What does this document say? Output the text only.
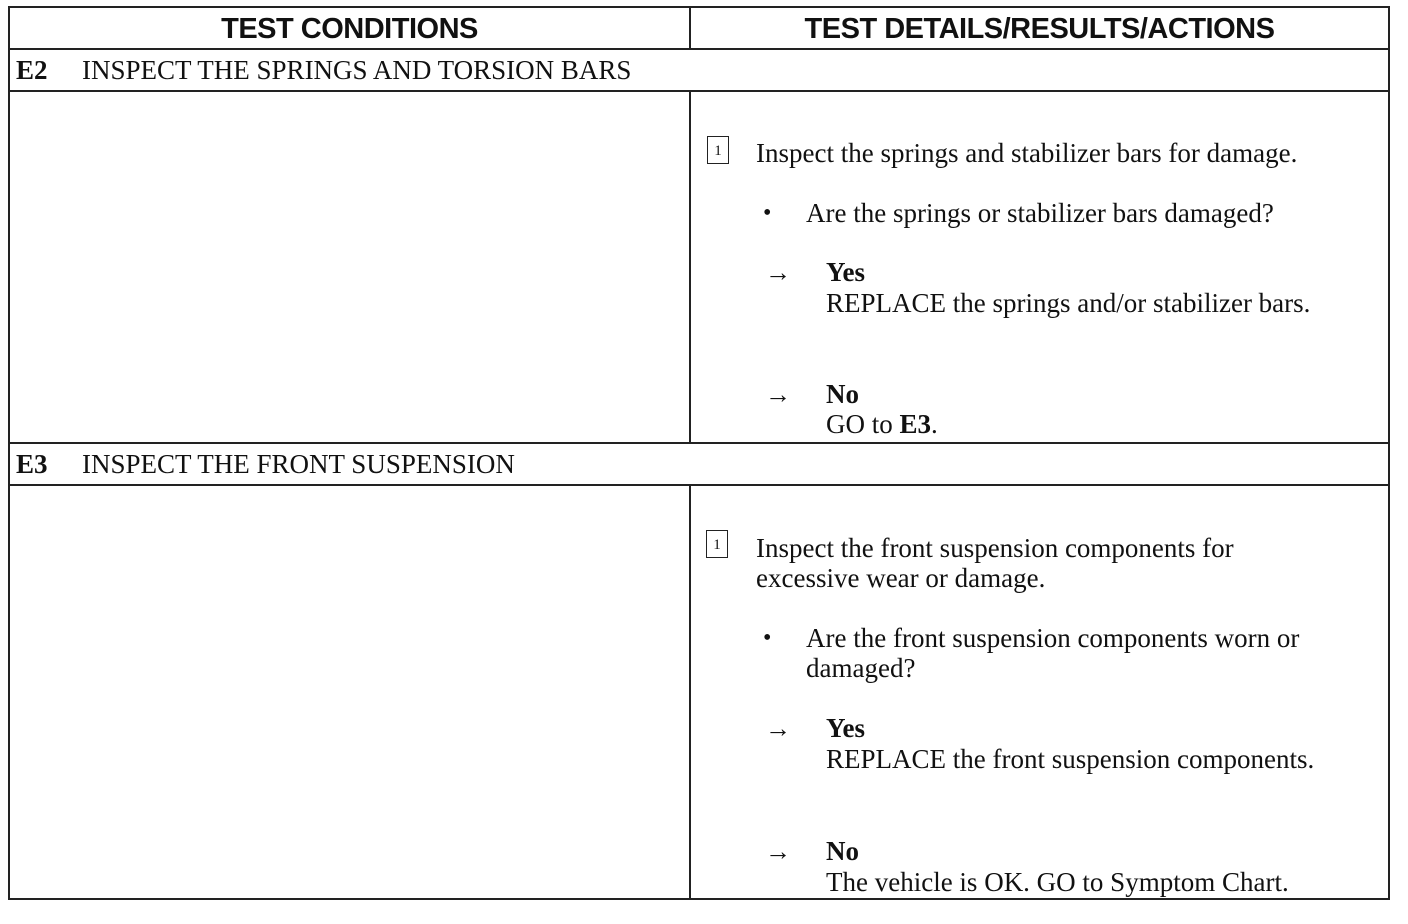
TEST CONDITIONS	TEST DETAILS/RESULTS/ACTIONS
E2 INSPECT THE SPRINGS AND TORSION BARS
1 Inspect the springs and stabilizer bars for damage.
• Are the springs or stabilizer bars damaged?
→ Yes
REPLACE the springs and/or stabilizer bars.
→ No
GO to E3.
E3 INSPECT THE FRONT SUSPENSION
1 Inspect the front suspension components for
excessive wear or damage.
• Are the front suspension components worn or
damaged?
→ Yes
REPLACE the front suspension components.
→ No
The vehicle is OK. GO to Symptom Chart.
